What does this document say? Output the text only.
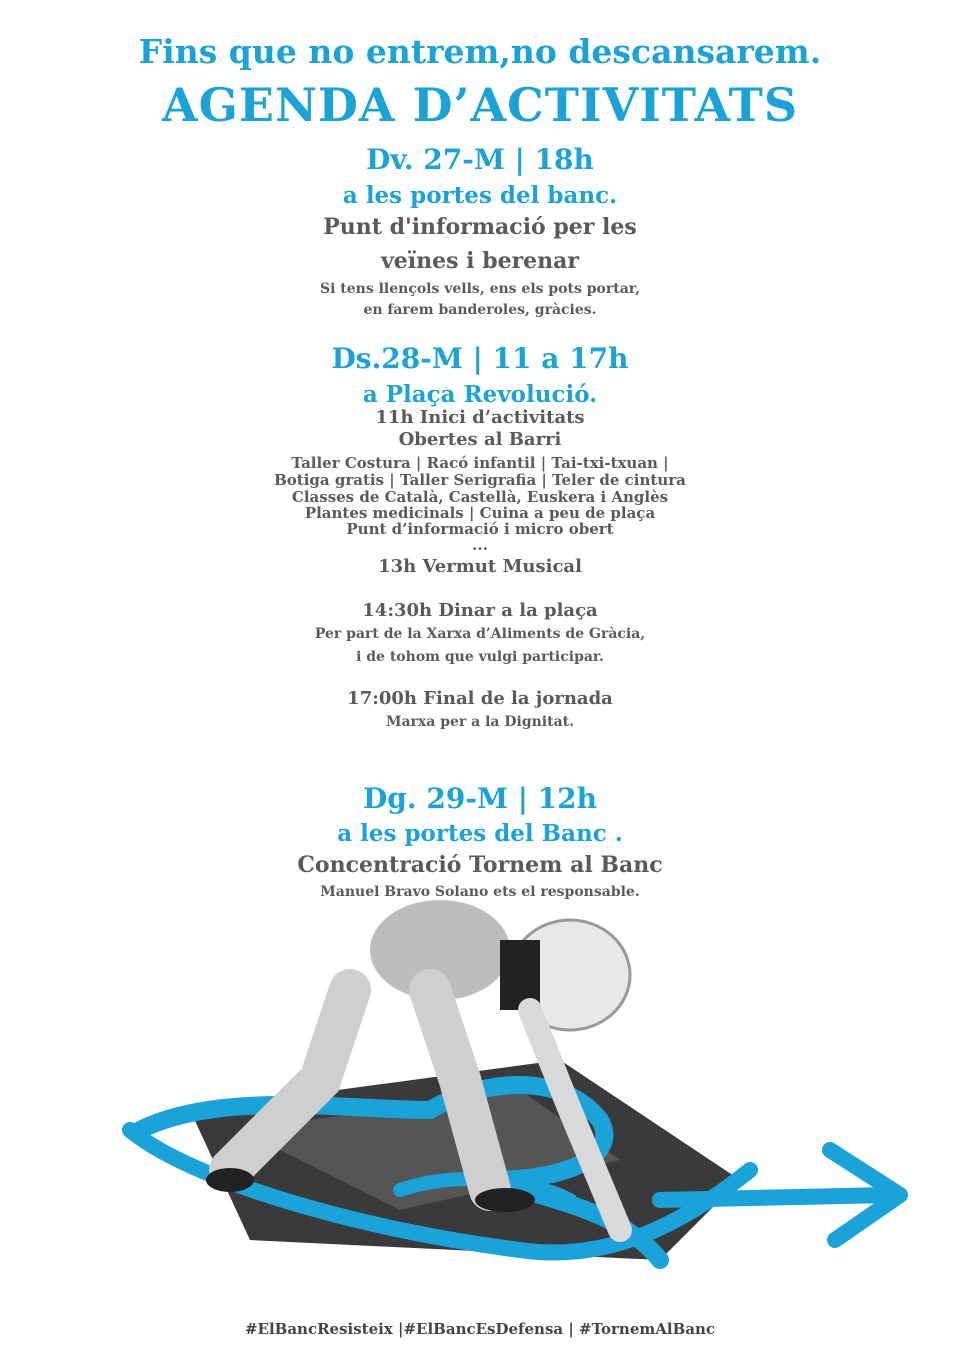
Fins que no entrem,no descansarem.
AGENDA D’ACTIVITATS
Dv. 27-M | 18h
a les portes del banc.
Punt d'informació per les
veïnes i berenar
Si tens llençols vells, ens els pots portar,
en farem banderoles, gràcies.
Ds.28-M | 11 a 17h
a Plaça Revolució.
11h Inici d’activitats
Obertes al Barri
Taller Costura | Racó infantil | Tai-txi-txuan |
Botiga gratis | Taller Serigrafia | Teler de cintura
Classes de Català, Castellà, Euskera i Anglès
Plantes medicinals | Cuina a peu de plaça
Punt d’informació i micro obert
...
13h Vermut Musical
14:30h Dinar a la plaça
Per part de la Xarxa d’Aliments de Gràcia,
i de tohom que vulgi participar.
17:00h Final de la jornada
Marxa per a la Dignitat.
Dg. 29-M | 12h
a les portes del Banc .
Concentració Tornem al Banc
Manuel Bravo Solano ets el responsable.
#ElBancResisteix |#ElBancEsDefensa | #TornemAlBanc
